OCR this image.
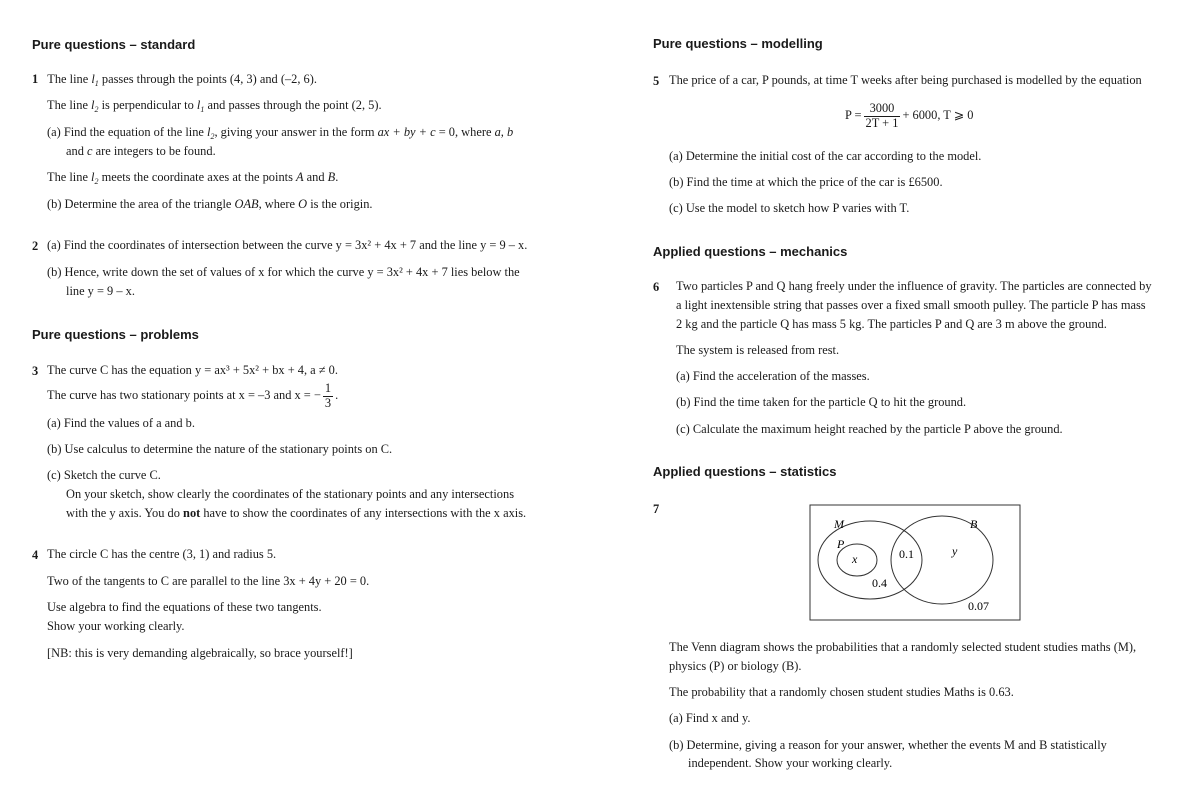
Pure questions – standard
1 The line $l_1$ passes through the points (4, 3) and (–2, 6).
The line $l_2$ is perpendicular to $l_1$ and passes through the point (2, 5).
(a) Find the equation of the line $l_2$, giving your answer in the form ax + by + c = 0, where a, b
and c are integers to be found.
The line $l_2$ meets the coordinate axes at the points A and B.
(b) Determine the area of the triangle OAB, where O is the origin.
2 (a) Find the coordinates of intersection between the curve y = 3x² + 4x + 7 and the line y = 9 – x.
(b) Hence, write down the set of values of x for which the curve y = 3x² + 4x + 7 lies below the
line y = 9 – x.
Pure questions – problems
3 The curve C has the equation y = ax³ + 5x² + bx + 4, a ≠ 0.
The curve has two stationary points at x = –3 and x = − $\frac{1}{3}$ .
(a) Find the values of a and b.
(b) Use calculus to determine the nature of the stationary points on C.
(c) Sketch the curve C.
On your sketch, show clearly the coordinates of the stationary points and any intersections
with the y axis. You do not have to show the coordinates of any intersections with the x axis.
4 The circle C has the centre (3, 1) and radius 5.
Two of the tangents to C are parallel to the line 3x + 4y + 20 = 0.
Use algebra to find the equations of these two tangents.
Show your working clearly.
[NB: this is very demanding algebraically, so brace yourself!]
Pure questions – modelling
5 The price of a car, P pounds, at time T weeks after being purchased is modelled by the equation
$P = \frac{3000}{2T + 1} + 6000$, T ⩾ 0
(a) Determine the initial cost of the car according to the model.
(b) Find the time at which the price of the car is £6500.
(c) Use the model to sketch how P varies with T.
Applied questions – mechanics
6 Two particles P and Q hang freely under the influence of gravity. The particles are connected by
a light inextensible string that passes over a fixed small smooth pulley. The particle P has mass
2 kg and the particle Q has mass 5 kg. The particles P and Q are 3 m above the ground.
The system is released from rest.
(a) Find the acceleration of the masses.
(b) Find the time taken for the particle Q to hit the ground.
(c) Calculate the maximum height reached by the particle P above the ground.
Applied questions – statistics
7
M	B
P
x
y
0.1
0.4
0.07
The Venn diagram shows the probabilities that a randomly selected student studies maths (M),
physics (P) or biology (B).
The probability that a randomly chosen student studies Maths is 0.63.
(a) Find x and y.
(b) Determine, giving a reason for your answer, whether the events M and B statistically
independent. Show your working clearly.
